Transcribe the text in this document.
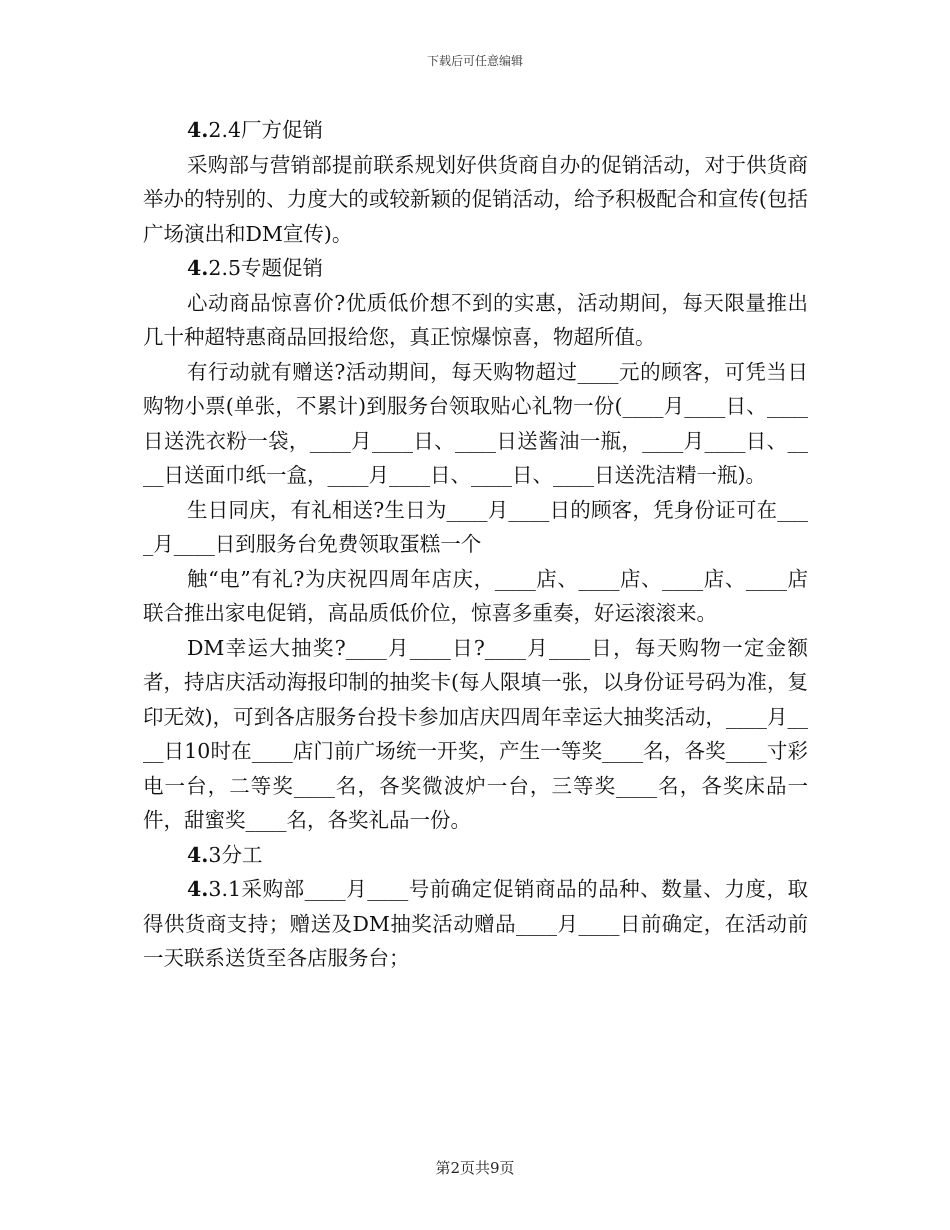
下载后可任意编辑

4.2.4厂方促销

采购部与营销部提前联系规划好供货商自办的促销活动，对于供货商举办的特别的、力度大的或较新颖的促销活动，给予积极配合和宣传(包括广场演出和DM宣传)。

4.2.5专题促销

心动商品惊喜价?优质低价想不到的实惠，活动期间，每天限量推出几十种超特惠商品回报给您，真正惊爆惊喜，物超所值。

有行动就有赠送?活动期间，每天购物超过____元的顾客，可凭当日购物小票(单张，不累计)到服务台领取贴心礼物一份(____月____日、____日送洗衣粉一袋，____月____日、____日送酱油一瓶，____月____日、____日送面巾纸一盒，____月____日、____日、____日送洗洁精一瓶)。

生日同庆，有礼相送?生日为____月____日的顾客，凭身份证可在____月____日到服务台免费领取蛋糕一个

触“电”有礼?为庆祝四周年店庆，____店、____店、____店、____店联合推出家电促销，高品质低价位，惊喜多重奏，好运滚滚来。

DM幸运大抽奖?____月____日?____月____日，每天购物一定金额者，持店庆活动海报印制的抽奖卡(每人限填一张，以身份证号码为准，复印无效)，可到各店服务台投卡参加店庆四周年幸运大抽奖活动，____月____日10时在____店门前广场统一开奖，产生一等奖____名，各奖____寸彩电一台，二等奖____名，各奖微波炉一台，三等奖____名，各奖床品一件，甜蜜奖____名，各奖礼品一份。

4.3分工

4.3.1采购部____月____号前确定促销商品的品种、数量、力度，取得供货商支持；赠送及DM抽奖活动赠品____月____日前确定，在活动前一天联系送货至各店服务台；

第2页共9页
